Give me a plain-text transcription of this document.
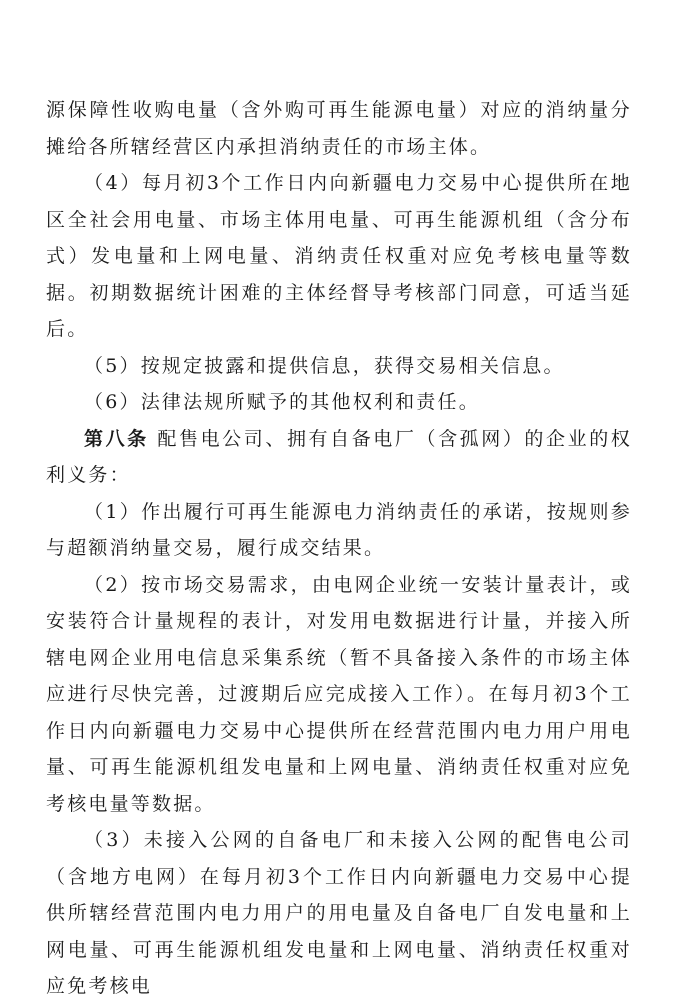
源保障性收购电量（含外购可再生能源电量）对应的消纳量分摊给各所辖经营区内承担消纳责任的市场主体。

（4）每月初3个工作日内向新疆电力交易中心提供所在地区全社会用电量、市场主体用电量、可再生能源机组（含分布式）发电量和上网电量、消纳责任权重对应免考核电量等数据。初期数据统计困难的主体经督导考核部门同意，可适当延后。

（5）按规定披露和提供信息，获得交易相关信息。

（6）法律法规所赋予的其他权利和责任。

第八条 配售电公司、拥有自备电厂（含孤网）的企业的权利义务：

（1）作出履行可再生能源电力消纳责任的承诺，按规则参与超额消纳量交易，履行成交结果。

（2）按市场交易需求，由电网企业统一安装计量表计，或安装符合计量规程的表计，对发用电数据进行计量，并接入所辖电网企业用电信息采集系统（暂不具备接入条件的市场主体应进行尽快完善，过渡期后应完成接入工作）。在每月初3个工作日内向新疆电力交易中心提供所在经营范围内电力用户用电量、可再生能源机组发电量和上网电量、消纳责任权重对应免考核电量等数据。

（3）未接入公网的自备电厂和未接入公网的配售电公司（含地方电网）在每月初3个工作日内向新疆电力交易中心提供所辖经营范围内电力用户的用电量及自备电厂自发电量和上网电量、可再生能源机组发电量和上网电量、消纳责任权重对应免考核电
